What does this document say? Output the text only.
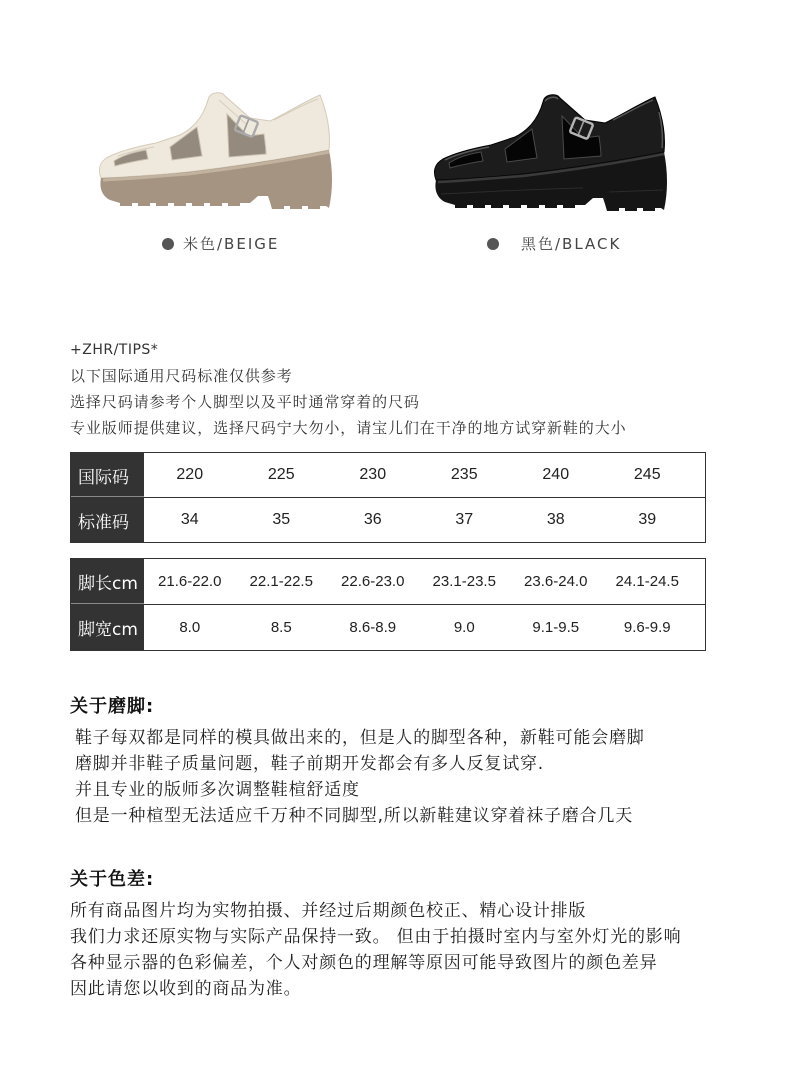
米色/BEIGE	黑色/BLACK
+ZHR/TIPS*
以下国际通用尺码标准仅供参考
选择尺码请参考个人脚型以及平时通常穿着的尺码
专业版师提供建议，选择尺码宁大勿小，请宝儿们在干净的地方试穿新鞋的大小
国际码	220	225	230	235	240	245
标准码	34	35	36	37	38	39
脚长cm	21.6-22.0	22.1-22.5	22.6-23.0	23.1-23.5	23.6-24.0	24.1-24.5
脚宽cm	8.0	8.5	8.6-8.9	9.0	9.1-9.5	9.6-9.9
关于磨脚:
鞋子每双都是同样的模具做出来的，但是人的脚型各种，新鞋可能会磨脚
磨脚并非鞋子质量问题，鞋子前期开发都会有多人反复试穿.
并且专业的版师多次调整鞋楦舒适度
但是一种楦型无法适应千万种不同脚型,所以新鞋建议穿着袜子磨合几天
关于色差:
所有商品图片均为实物拍摄、并经过后期颜色校正、精心设计排版
我们力求还原实物与实际产品保持一致。 但由于拍摄时室内与室外灯光的影响
各种显示器的色彩偏差，个人对颜色的理解等原因可能导致图片的颜色差异
因此请您以收到的商品为准。
